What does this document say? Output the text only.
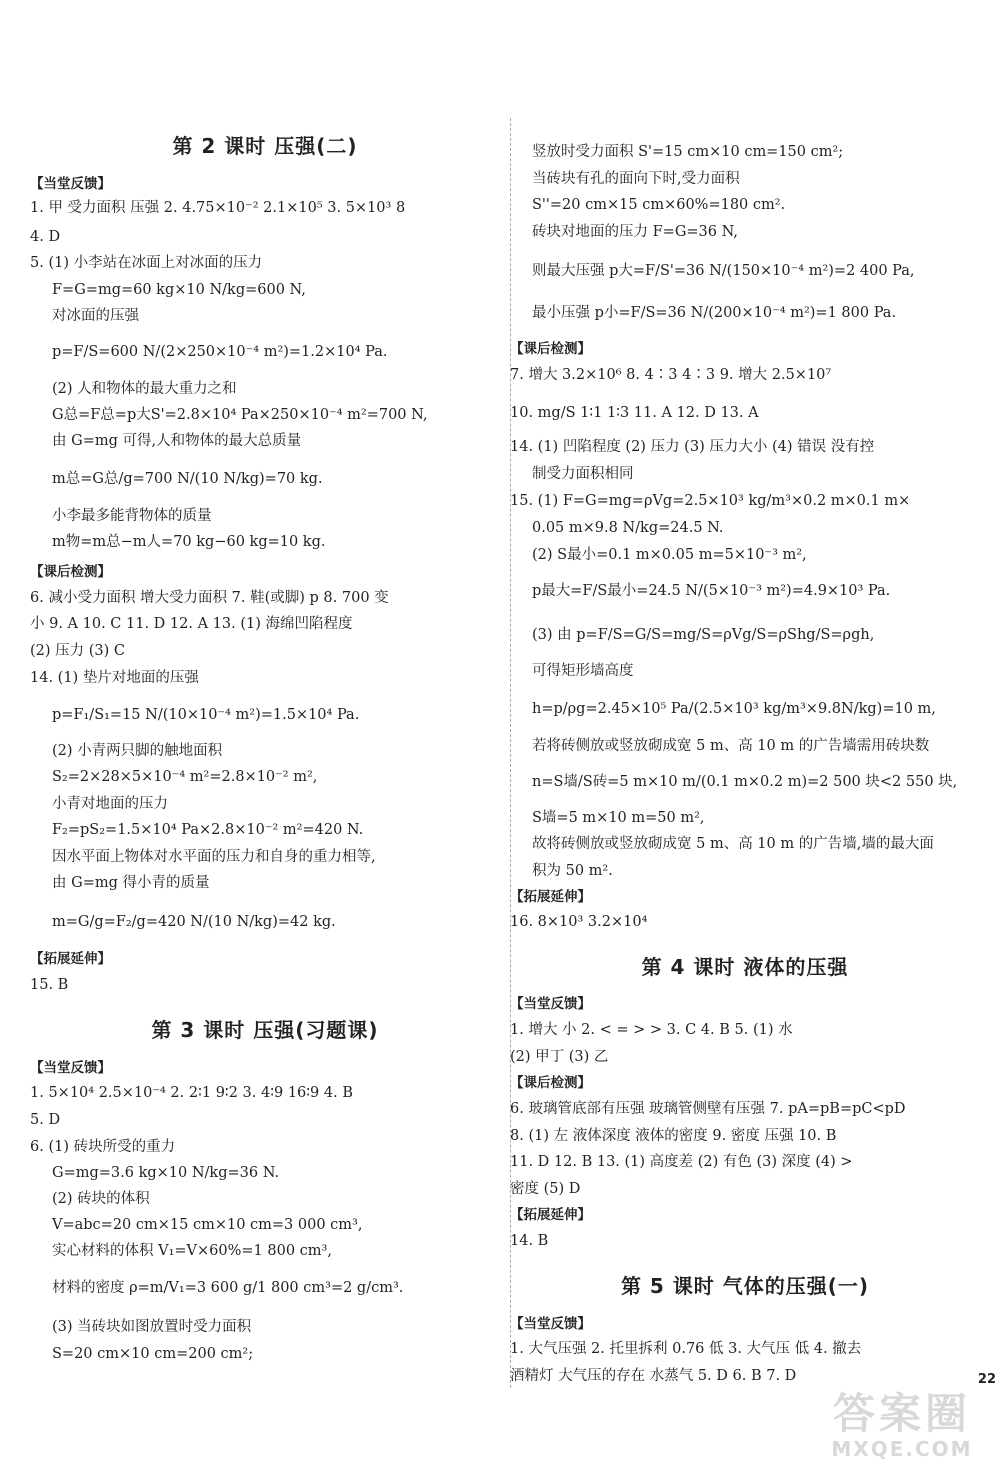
第 2 课时 压强(二)
【当堂反馈】
1. 甲 受力面积 压强 2. 4.75×10⁻² 2.1×10⁵ 3. 5×10³ 8
4. D
5. (1) 小李站在冰面上对冰面的压力
F=G=mg=60 kg×10 N/kg=600 N,
对冰面的压强
p=F/S=600 N/(2×250×10⁻⁴ m²)=1.2×10⁴ Pa.
(2) 人和物体的最大重力之和
G总=F总=p大S'=2.8×10⁴ Pa×250×10⁻⁴ m²=700 N,
由 G=mg 可得,人和物体的最大总质量
m总=G总/g=700 N/(10 N/kg)=70 kg.
小李最多能背物体的质量
m物=m总−m人=70 kg−60 kg=10 kg.
【课后检测】
6. 减小受力面积 增大受力面积 7. 鞋(或脚) p 8. 700 变
小 9. A 10. C 11. D 12. A 13. (1) 海绵凹陷程度
(2) 压力 (3) C
14. (1) 垫片对地面的压强
p=F₁/S₁=15 N/(10×10⁻⁴ m²)=1.5×10⁴ Pa.
(2) 小青两只脚的触地面积
S₂=2×28×5×10⁻⁴ m²=2.8×10⁻² m²,
小青对地面的压力
F₂=pS₂=1.5×10⁴ Pa×2.8×10⁻² m²=420 N.
因水平面上物体对水平面的压力和自身的重力相等,
由 G=mg 得小青的质量
m=G/g=F₂/g=420 N/(10 N/kg)=42 kg.
【拓展延伸】
15. B
第 3 课时 压强(习题课)
【当堂反馈】
1. 5×10⁴ 2.5×10⁻⁴ 2. 2∶1 9∶2 3. 4∶9 16∶9 4. B
5. D
6. (1) 砖块所受的重力
G=mg=3.6 kg×10 N/kg=36 N.
(2) 砖块的体积
V=abc=20 cm×15 cm×10 cm=3 000 cm³,
实心材料的体积 V₁=V×60%=1 800 cm³,
材料的密度 ρ=m/V₁=3 600 g/1 800 cm³=2 g/cm³.
(3) 当砖块如图放置时受力面积
S=20 cm×10 cm=200 cm²;
竖放时受力面积 S'=15 cm×10 cm=150 cm²;
当砖块有孔的面向下时,受力面积
S''=20 cm×15 cm×60%=180 cm².
砖块对地面的压力 F=G=36 N,
则最大压强 p大=F/S'=36 N/(150×10⁻⁴ m²)=2 400 Pa,
最小压强 p小=F/S=36 N/(200×10⁻⁴ m²)=1 800 Pa.
【课后检测】
7. 增大 3.2×10⁶ 8. 4∶3 4∶3 9. 增大 2.5×10⁷
10. mg/S 1∶1 1∶3 11. A 12. D 13. A
14. (1) 凹陷程度 (2) 压力 (3) 压力大小 (4) 错误 没有控
制受力面积相同
15. (1) F=G=mg=ρVg=2.5×10³ kg/m³×0.2 m×0.1 m×
0.05 m×9.8 N/kg=24.5 N.
(2) S最小=0.1 m×0.05 m=5×10⁻³ m²,
p最大=F/S最小=24.5 N/(5×10⁻³ m²)=4.9×10³ Pa.
(3) 由 p=F/S=G/S=mg/S=ρVg/S=ρShg/S=ρgh,
可得矩形墙高度
h=p/ρg=2.45×10⁵ Pa/(2.5×10³ kg/m³×9.8N/kg)=10 m,
若将砖侧放或竖放砌成宽 5 m、高 10 m 的广告墙需用砖块数
n=S墙/S砖=5 m×10 m/(0.1 m×0.2 m)=2 500 块<2 550 块,
S墙=5 m×10 m=50 m²,
故将砖侧放或竖放砌成宽 5 m、高 10 m 的广告墙,墙的最大面
积为 50 m².
【拓展延伸】
16. 8×10³ 3.2×10⁴
第 4 课时 液体的压强
【当堂反馈】
1. 增大 小 2. < = > > 3. C 4. B 5. (1) 水
(2) 甲丁 (3) 乙
【课后检测】
6. 玻璃管底部有压强 玻璃管侧壁有压强 7. pA=pB=pC<pD
8. (1) 左 液体深度 液体的密度 9. 密度 压强 10. B
11. D 12. B 13. (1) 高度差 (2) 有色 (3) 深度 (4) >
密度 (5) D
【拓展延伸】
14. B
第 5 课时 气体的压强(一)
【当堂反馈】
1. 大气压强 2. 托里拆利 0.76 低 3. 大气压 低 4. 撤去
酒精灯 大气压的存在 水蒸气 5. D 6. B 7. D	22
答案圈
MXQE.COM
